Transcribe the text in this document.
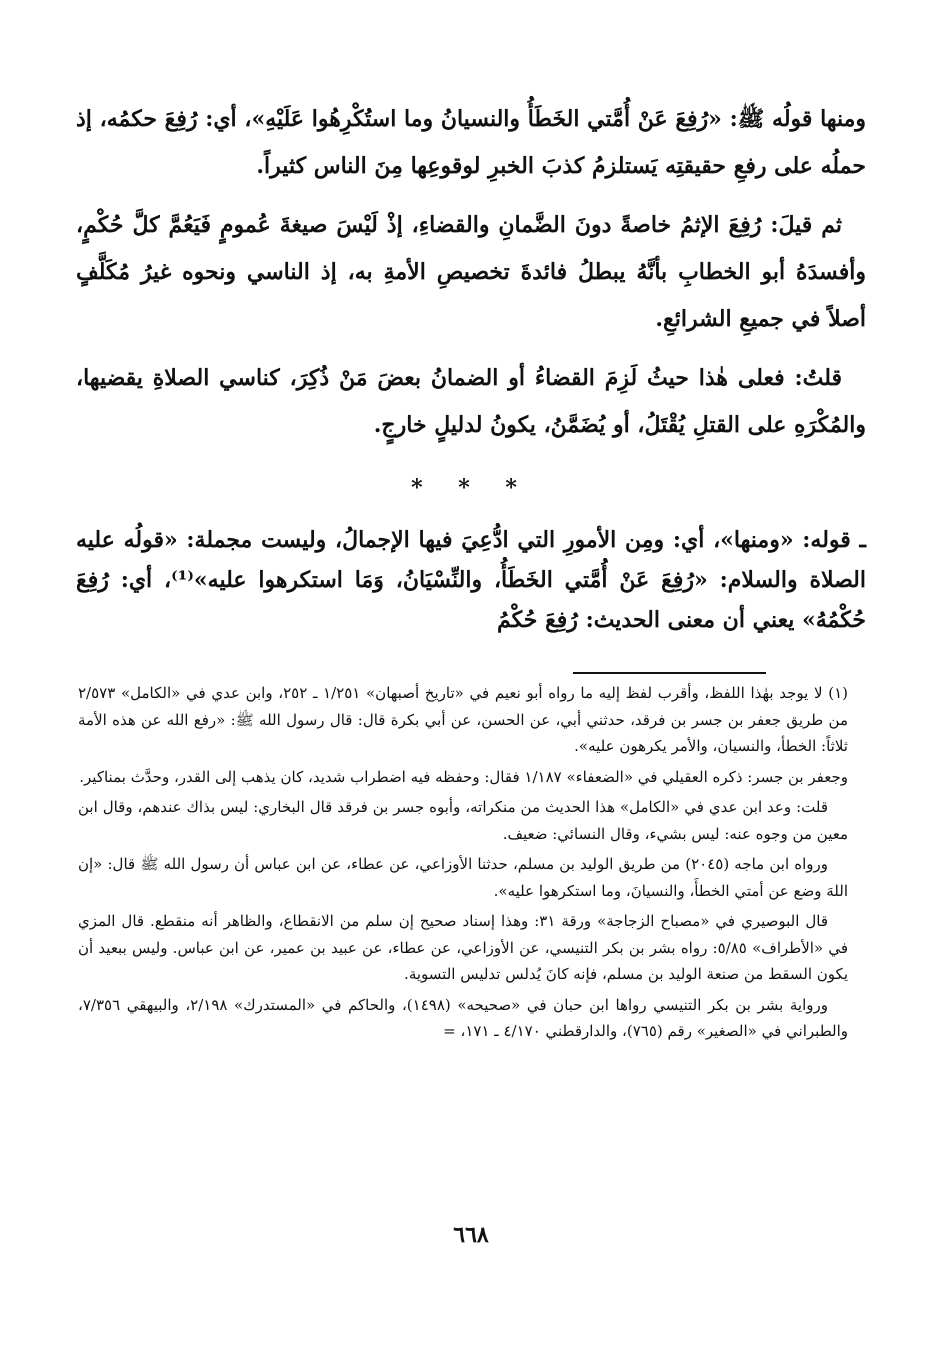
ومنها قولُه ﷺ: «رُفِعَ عَنْ أُمَّتي الخَطَأُ والنسيانُ وما استُكْرِهُوا عَلَيْهِ»، أي: رُفِعَ حكمُه، إذ حملُه على رفعِ حقيقتِه يَستلزمُ كذبَ الخبرِ لوقوعِها مِنَ الناس كثيراً.

ثم قيلَ: رُفِعَ الإثمُ خاصةً دونَ الضَّمانِ والقضاءِ، إذْ لَيْسَ صيغةَ عُمومٍ فَيَعُمَّ كلَّ حُكْمٍ، وأفسدَهُ أبو الخطابِ بأنَّهُ يبطلُ فائدةَ تخصيصِ الأمةِ به، إذ الناسي ونحوه غيرُ مُكَلَّفٍ أصلاً في جميعِ الشرائعِ.

قلتُ: فعلى هٰذا حيثُ لَزِمَ القضاءُ أو الضمانُ بعضَ مَنْ ذُكِرَ، كناسي الصلاةِ يقضيها، والمُكْرَهِ على القتلِ يُقْتَلُ، أو يُضَمَّنُ، يكونُ لدليلٍ خارجٍ.

* * *

ـ قوله: «ومنها»، أي: ومِن الأمورِ التي ادُّعِيَ فيها الإجمالُ، وليست مجملة: «قولُه عليه الصلاة والسلام: «رُفِعَ عَنْ أُمَّتي الخَطَأُ، والنِّسْيَانُ، وَمَا استكرهوا عليه»⁽¹⁾، أي: رُفِعَ حُكْمُهُ» يعني أن معنى الحديث: رُفِعَ حُكْمُ

(١) لا يوجد بهٰذا اللفظ، وأقرب لفظ إليه ما رواه أبو نعيم في «تاريخ أصبهان» ١/٢٥١ ـ ٢٥٢، وابن عدي في «الكامل» ٢/٥٧٣ من طريق جعفر بن جسر بن فرقد، حدثني أبي، عن الحسن، عن أبي بكرة قال: قال رسول الله ﷺ: «رفع الله عن هذه الأمة ثلاثاً: الخطأ، والنسيان، والأمر يكرهون عليه».

وجعفر بن جسر: ذكره العقيلي في «الضعفاء» ١/١٨٧ فقال: وحفظه فيه اضطراب شديد، كان يذهب إلى القدر، وحدَّث بمناكير.

قلت: وعد ابن عدي في «الكامل» هذا الحديث من منكراته، وأبوه جسر بن فرقد قال البخاري: ليس بذاك عندهم، وقال ابن معين من وجوه عنه: ليس بشيء، وقال النسائي: ضعيف.

ورواه ابن ماجه (٢٠٤٥) من طريق الوليد بن مسلم، حدثنا الأوزاعي، عن عطاء، عن ابن عباس أن رسول الله ﷺ قال: «إن اللهَ وضع عن أمتي الخطأَ، والنسيانَ، وما استكرهوا عليه».

قال البوصيري في «مصباح الزجاجة» ورقة ٣١: وهذا إسناد صحيح إن سلم من الانقطاع، والظاهر أنه منقطع. قال المزي في «الأطراف» ٥/٨٥: رواه بشر بن بكر التنيسي، عن الأوزاعي، عن عطاء، عن عبيد بن عمير، عن ابن عباس. وليس ببعيد أن يكون السقط من صنعة الوليد بن مسلم، فإنه كانَ يُدلس تدليس التسوية.

ورواية بشر بن بكر التنيسي رواها ابن حبان في «صحيحه» (١٤٩٨)، والحاكم في «المستدرك» ٢/١٩٨، والبيهقي ٧/٣٥٦، والطبراني في «الصغير» رقم (٧٦٥)، والدارقطني ٤/١٧٠ ـ ١٧١، =

٦٦٨
